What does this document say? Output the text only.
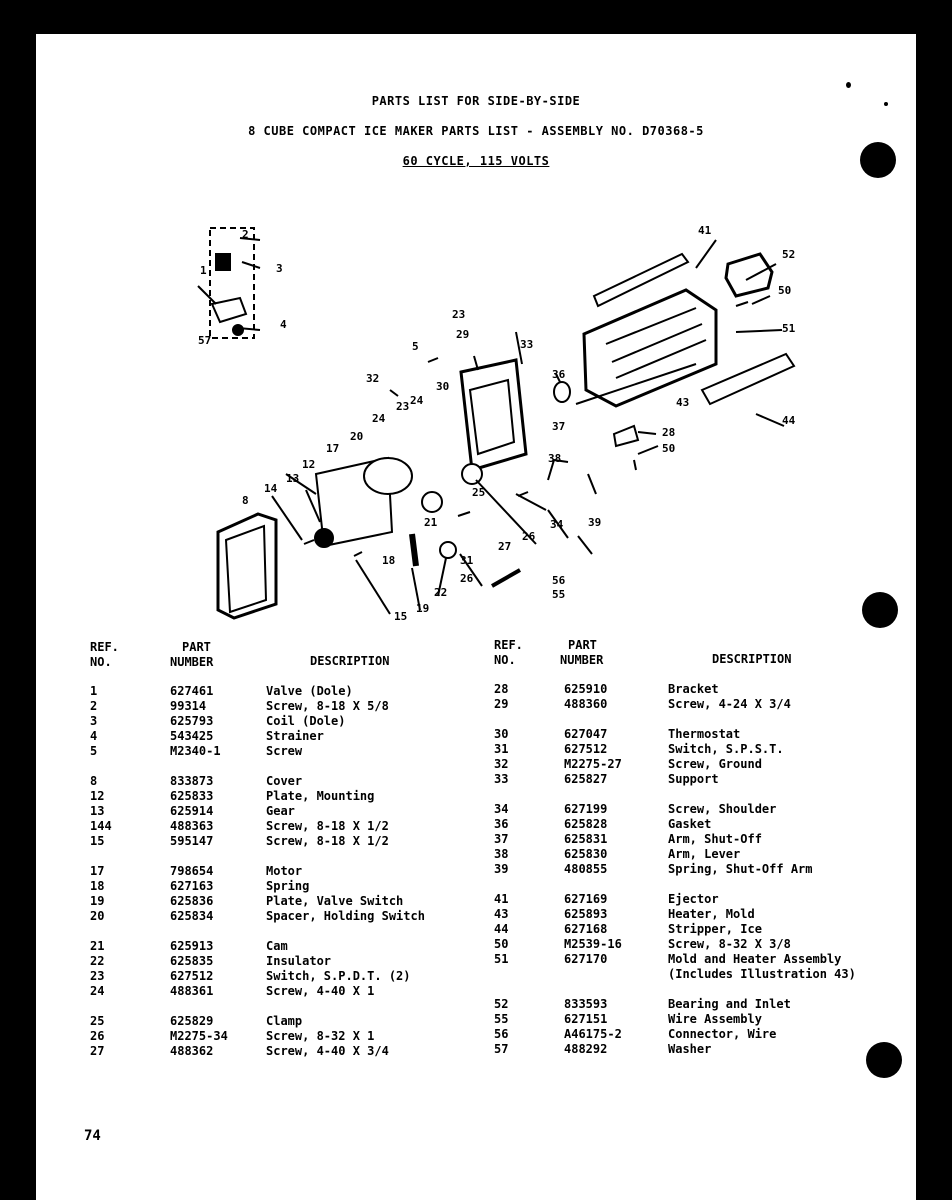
PARTS LIST FOR SIDE-BY-SIDE
8 CUBE COMPACT ICE MAKER PARTS LIST - ASSEMBLY NO. D70368-5
60 CYCLE, 115 VOLTS
2
3
1
4
57	5
32
23
29
33
36
37
38
39
30
24
23
24
20
17
12
13
14
8
18
19
22
25
26
27
31
26
15
21	34
56
55
41
52
50
51
43
44
28
50
REF.
NO.
PART
NUMBER	DESCRIPTION
1	627461	Valve (Dole)
2	99314	Screw, 8-18 X 5/8
3	625793	Coil (Dole)
4	543425	Strainer
5	M2340-1	Screw
8	833873	Cover
12	625833	Plate, Mounting
13	625914	Gear
144	488363	Screw, 8-18 X 1/2
15	595147	Screw, 8-18 X 1/2
17	798654	Motor
18	627163	Spring
19	625836	Plate, Valve Switch
20	625834	Spacer, Holding Switch
21	625913	Cam
22	625835	Insulator
23	627512	Switch, S.P.D.T. (2)
24	488361	Screw, 4-40 X 1
25	625829	Clamp
26	M2275-34	Screw, 8-32 X 1
27	488362	Screw, 4-40 X 3/4
REF.
NO.
PART
NUMBER	DESCRIPTION
28	625910	Bracket
29	488360	Screw, 4-24 X 3/4
30	627047	Thermostat
31	627512	Switch, S.P.S.T.
32	M2275-27	Screw, Ground
33	625827	Support
34	627199	Screw, Shoulder
36	625828	Gasket
37	625831	Arm, Shut-Off
38	625830	Arm, Lever
39	480855	Spring, Shut-Off Arm
41	627169	Ejector
43	625893	Heater, Mold
44	627168	Stripper, Ice
50	M2539-16	Screw, 8-32 X 3/8
51	627170	Mold and Heater Assembly
(Includes Illustration 43)
52	833593	Bearing and Inlet
55	627151	Wire Assembly
56	A46175-2	Connector, Wire
57	488292	Washer
74
